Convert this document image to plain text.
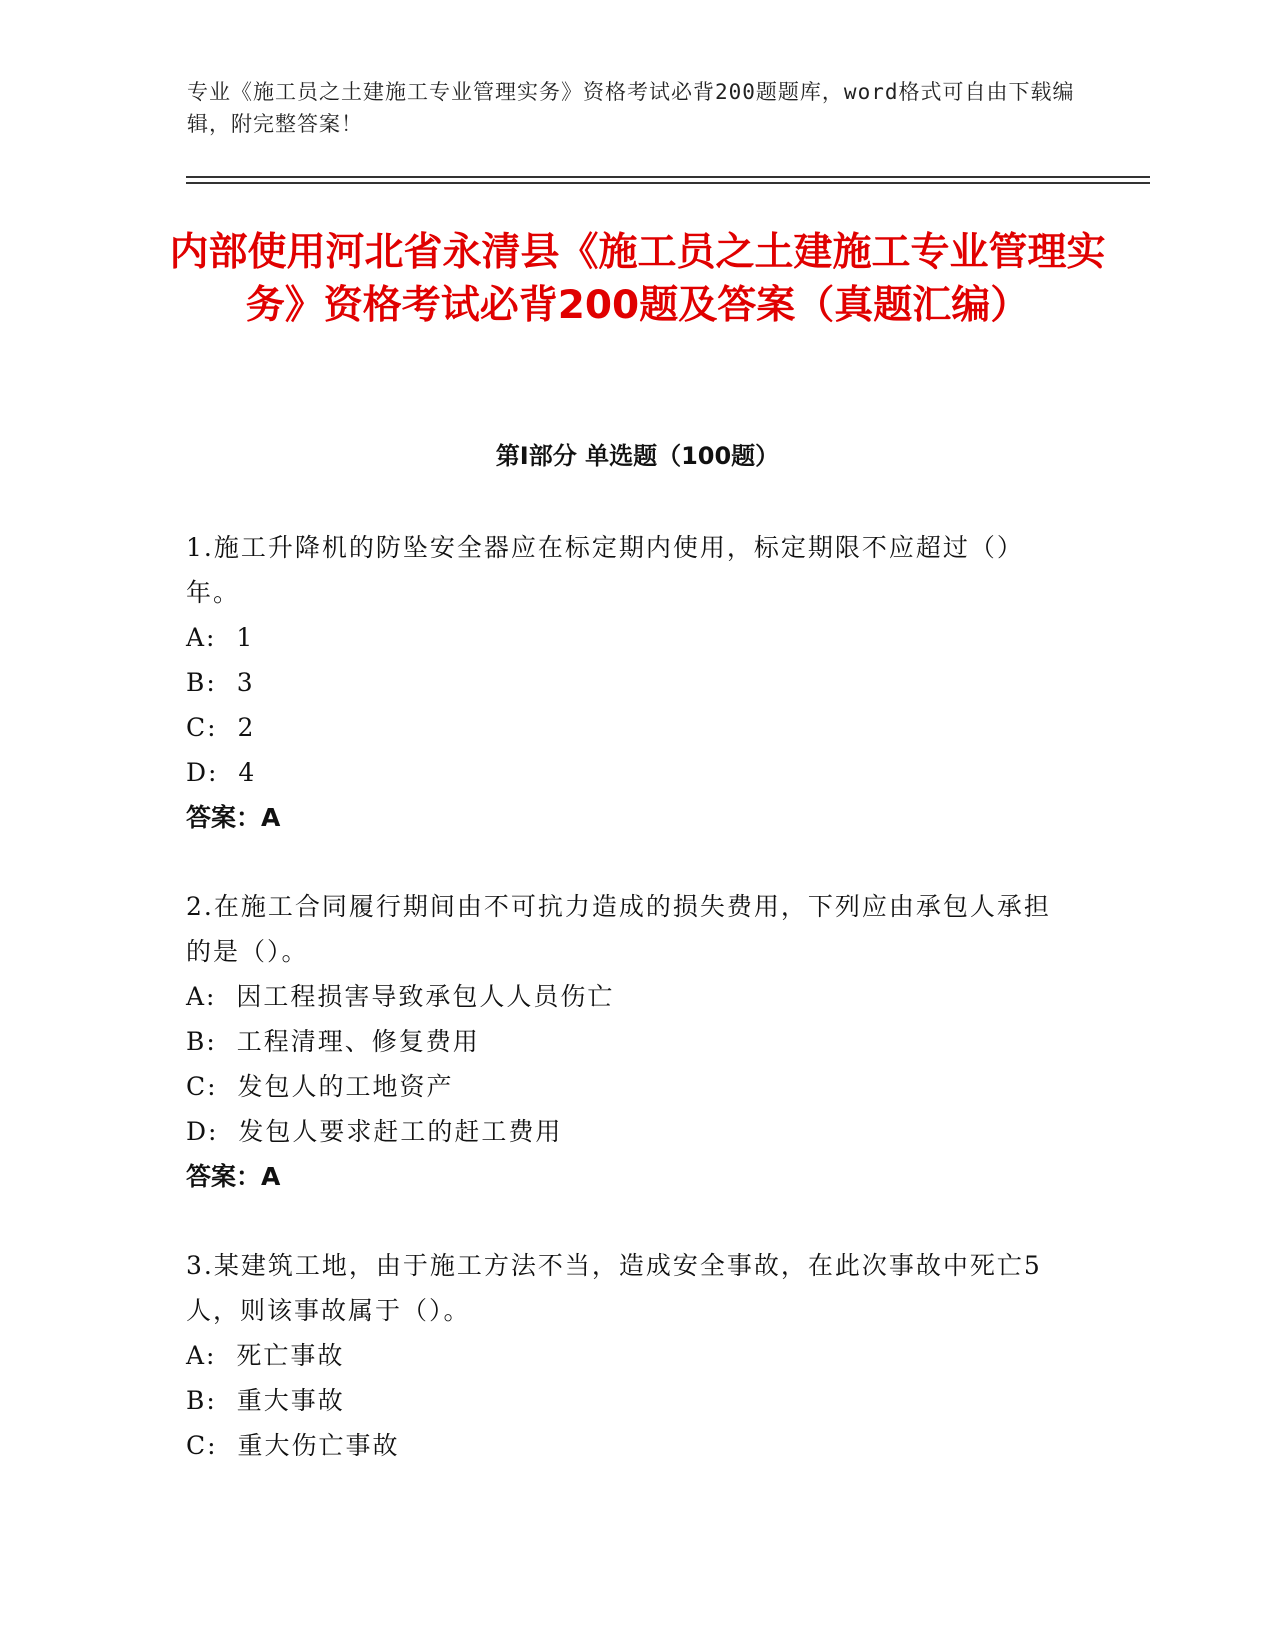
专业《施工员之土建施工专业管理实务》资格考试必背200题题库，word格式可自由下载编辑，附完整答案！
内部使用河北省永清县《施工员之土建施工专业管理实务》资格考试必背200题及答案（真题汇编）
第I部分 单选题（100题）
1.施工升降机的防坠安全器应在标定期内使用，标定期限不应超过（）年。
A:  1
B:  3
C:  2
D:  4
答案：A
2.在施工合同履行期间由不可抗力造成的损失费用，下列应由承包人承担的是（）。
A:  因工程损害导致承包人人员伤亡
B:  工程清理、修复费用
C:  发包人的工地资产
D:  发包人要求赶工的赶工费用
答案：A
3.某建筑工地，由于施工方法不当，造成安全事故，在此次事故中死亡5人，则该事故属于（）。
A:  死亡事故
B:  重大事故
C:  重大伤亡事故
